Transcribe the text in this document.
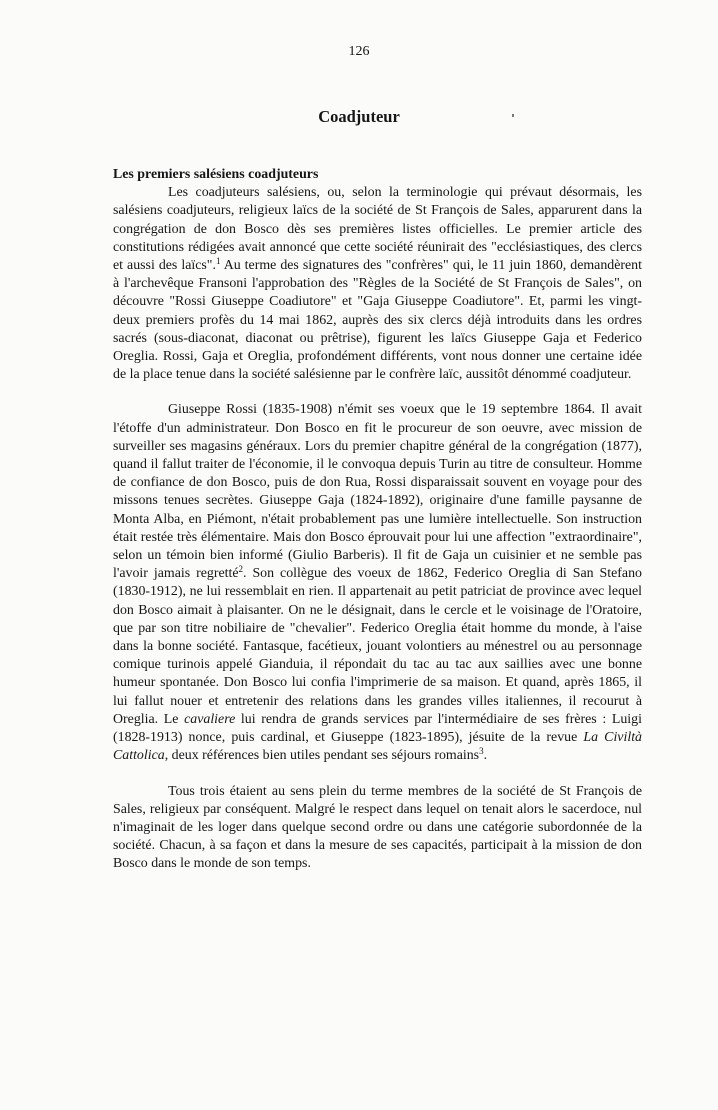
126
Coadjuteur
Les premiers salésiens coadjuteurs

Les coadjuteurs salésiens, ou, selon la terminologie qui prévaut désormais, les salésiens coadjuteurs, religieux laïcs de la société de St François de Sales, apparurent dans la congrégation de don Bosco dès ses premières listes officielles. Le premier article des constitutions rédigées avait annoncé que cette société réunirait des "ecclésiastiques, des clercs et aussi des laïcs".$^1$ Au terme des signatures des "confrères" qui, le 11 juin 1860, demandèrent à l'archevêque Fransoni l'approbation des "Règles de la Société de St François de Sales", on découvre "Rossi Giuseppe Coadiutore" et "Gaja Giuseppe Coadiutore". Et, parmi les vingt-deux premiers profès du 14 mai 1862, auprès des six clercs déjà introduits dans les ordres sacrés (sous-diaconat, diaconat ou prêtrise), figurent les laïcs Giuseppe Gaja et Federico Oreglia. Rossi, Gaja et Oreglia, profondément différents, vont nous donner une certaine idée de la place tenue dans la société salésienne par le confrère laïc, aussitôt dénommé coadjuteur.

Giuseppe Rossi (1835-1908) n'émit ses voeux que le 19 septembre 1864. Il avait l'étoffe d'un administrateur. Don Bosco en fit le procureur de son oeuvre, avec mission de surveiller ses magasins généraux. Lors du premier chapitre général de la congrégation (1877), quand il fallut traiter de l'économie, il le convoqua depuis Turin au titre de consulteur. Homme de confiance de don Bosco, puis de don Rua, Rossi disparaissait souvent en voyage pour des missons tenues secrètes. Giuseppe Gaja (1824-1892), originaire d'une famille paysanne de Monta Alba, en Piémont, n'était probablement pas une lumière intellectuelle. Son instruction était restée très élémentaire. Mais don Bosco éprouvait pour lui une affection "extraordinaire", selon un témoin bien informé (Giulio Barberis). Il fit de Gaja un cuisinier et ne semble pas l'avoir jamais regretté$^2$. Son collègue des voeux de 1862, Federico Oreglia di San Stefano (1830-1912), ne lui ressemblait en rien. Il appartenait au petit patriciat de province avec lequel don Bosco aimait à plaisanter. On ne le désignait, dans le cercle et le voisinage de l'Oratoire, que par son titre nobiliaire de "chevalier". Federico Oreglia était homme du monde, à l'aise dans la bonne société. Fantasque, facétieux, jouant volontiers au ménestrel ou au personnage comique turinois appelé Gianduia, il répondait du tac au tac aux saillies avec une bonne humeur spontanée. Don Bosco lui confia l'imprimerie de sa maison. Et quand, après 1865, il lui fallut nouer et entretenir des relations dans les grandes villes italiennes, il recourut à Oreglia. Le cavaliere lui rendra de grands services par l'intermédiaire de ses frères : Luigi (1828-1913) nonce, puis cardinal, et Giuseppe (1823-1895), jésuite de la revue La Civiltà Cattolica, deux références bien utiles pendant ses séjours romains$^3$.

Tous trois étaient au sens plein du terme membres de la société de St François de Sales, religieux par conséquent. Malgré le respect dans lequel on tenait alors le sacerdoce, nul n'imaginait de les loger dans quelque second ordre ou dans une catégorie subordonnée de la société. Chacun, à sa façon et dans la mesure de ses capacités, participait à la mission de don Bosco dans le monde de son temps.
